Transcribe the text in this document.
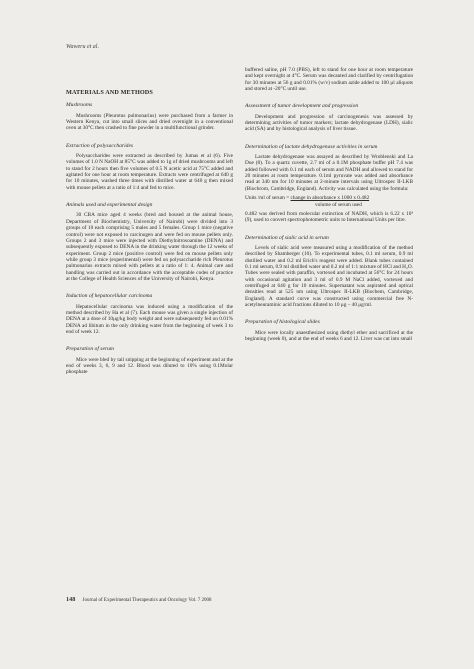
Waweru et al.
MATERIALS AND METHODS
Mushrooms

Mushrooms (Pleurotus pulmonarius) were purchased from a farmer in Western Kenya, cut into small slices and dried overnight in a conventional oven at 30°C then crashed to fine powder in a multifunctional grinder.

Extraction of polysaccharides

Polysaccharides were extracted as described by Jumas et al (6). Five volumes of 1.0 N NaOH at 85°C was added to 1g of dried mushrooms and left to stand for 2 hours then five volumes of 0.5 N acetic acid at 75°C added and agitated for one hour at room temperature. Extracts were centrifuged at 640 g for 10 minutes, washed three times with distilled water at 640 g then mixed with mouse pellets at a ratio of 1:4 and fed to mice.

Animals used and experimental design

30 CBA mice aged 4 weeks (bred and housed at the animal house, Department of Biochemistry, University of Nairobi) were divided into 3 groups of 10 each comprising 5 males and 5 females. Group 1 mice (negative control) were not exposed to carcinogen and were fed on mouse pellets only. Groups 2 and 3 mice were injected with Diethylnitrosoamine (DENA) and subsequently exposed to DENA in the drinking water through the 12 weeks of experiment. Group 2 mice (positive control) were fed on mouse pellets only while group 3 mice (experimental) were fed on polysaccharide rich Pleurotus pulmonarius extracts mixed with pellets at a ratio of 1: 4. Animal care and handling was carried out in accordance with the acceptable codes of practice at the College of Health Sciences of the University of Nairobi, Kenya.

Induction of hepatocellular carcinoma

Hepatocellular carcinoma was induced using a modification of the method described by Ha et al (7). Each mouse was given a single injection of DENA at a dose of 10μg/kg body weight and were subsequently fed on 0.01% DENA ad libitum in the only drinking water from the beginning of week 3 to end of week 12.

Preparation of serum

Mice were bled by tail snipping at the beginning of experiment and at the end of weeks 3, 6, 9 and 12. Blood was diluted to 10% using 0.1Molar phosphate

buffered saline, pH 7.0 (PBS), left to stand for one hour at room temperature and kept overnight at 4°C. Serum was decanted and clarified by centrifugation for 30 minutes at 56 g and 0.01% (w/v) sodium azide added to 100 μl aliquots and stored at -20°C until use.

Assessment of tumor development and progression

Development and progression of carcinogenesis was assessed by determining activities of tumor markers; lactate dehydrogenase (LDH), sialic acid (SA) and by histological analysis of liver tissue.

Determination of lactate dehydrogenase activities in serum

Lactate dehydrogenase was assayed as described by Wroblenski and La Due (8). To a quartz cuvette, 2.7 ml of a 0.1M phosphate buffer pH 7.4 was added followed with 0.1 ml each of serum and NADH and allowed to stand for 20 minutes at room temperature. 0.1ml pyruvate was added and absorbance read at 340 nm for 10 minutes at 2-minute intervals using Ultrospec II-LKB (Biochrom, Cambridge, England). Activity was calculated using the formula:

Units /ml of serum = change in absorbance x 1000 x 0.482
volume of serum used

0.482 was derived from molecular extinction of NADH, which is 6.22 x 10³ (9), used to convert spectrophotometric units to International Units per litre.

Determination of sialic acid in serum

Levels of sialic acid were measured using a modification of the method described by Shamberger (10). To experimental tubes, 0.1 ml serum, 0.9 ml distilled water and 0.2 ml Erich's reagent were added. Blank tubes contained 0.1 ml serum, 0.9 ml distilled water and 0.2 ml of 1:1 mixture of HCl and H₂O. Tubes were sealed with paraffin, vortexed and incubated at 56°C for 24 hours with occasional agitation and 3 ml of 0.9 M NaCl added, vortexed and centrifuged at 640 g for 10 minutes. Supernatant was aspirated and optical densities read at 525 nm using Ultrospec II-LKB (Biochem, Cambridge, England). A standard curve was constructed using commercial free N-acetylneuraminic acid fractions diluted to 10 μg – 40 μg/ml.

Preparation of histological slides

Mice were locally anaesthesized using diethyl ether and sacrificed at the beginning (week 0), and at the end of weeks 6 and 12. Liver was cut into small

148 Journal of Experimental Therapeutics and Oncology Vol. 7 2008
